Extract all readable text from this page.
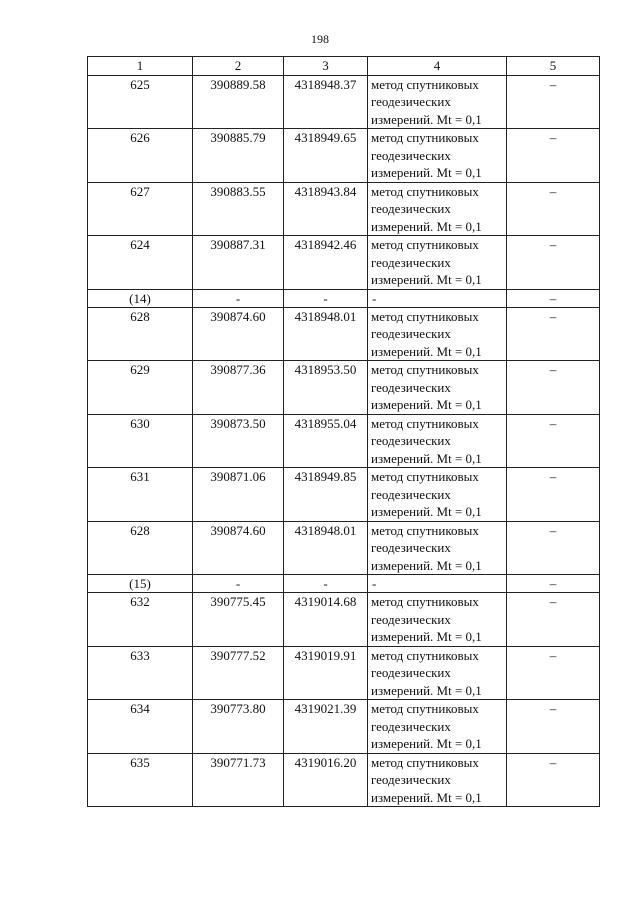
198
1	2	3	4	5
625	390889.58	4318948.37	метод спутниковых
геодезических
измерений. Mt = 0,1	–
626	390885.79	4318949.65	метод спутниковых
геодезических
измерений. Mt = 0,1	–
627	390883.55	4318943.84	метод спутниковых
геодезических
измерений. Mt = 0,1	–
624	390887.31	4318942.46	метод спутниковых
геодезических
измерений. Mt = 0,1	–
(14)	-	-	-	–
628	390874.60	4318948.01	метод спутниковых
геодезических
измерений. Mt = 0,1	–
629	390877.36	4318953.50	метод спутниковых
геодезических
измерений. Mt = 0,1	–
630	390873.50	4318955.04	метод спутниковых
геодезических
измерений. Mt = 0,1	–
631	390871.06	4318949.85	метод спутниковых
геодезических
измерений. Mt = 0,1	–
628	390874.60	4318948.01	метод спутниковых
геодезических
измерений. Mt = 0,1	–
(15)	-	-	-	–
632	390775.45	4319014.68	метод спутниковых
геодезических
измерений. Mt = 0,1	–
633	390777.52	4319019.91	метод спутниковых
геодезических
измерений. Mt = 0,1	–
634	390773.80	4319021.39	метод спутниковых
геодезических
измерений. Mt = 0,1	–
635	390771.73	4319016.20	метод спутниковых
геодезических
измерений. Mt = 0,1	–
